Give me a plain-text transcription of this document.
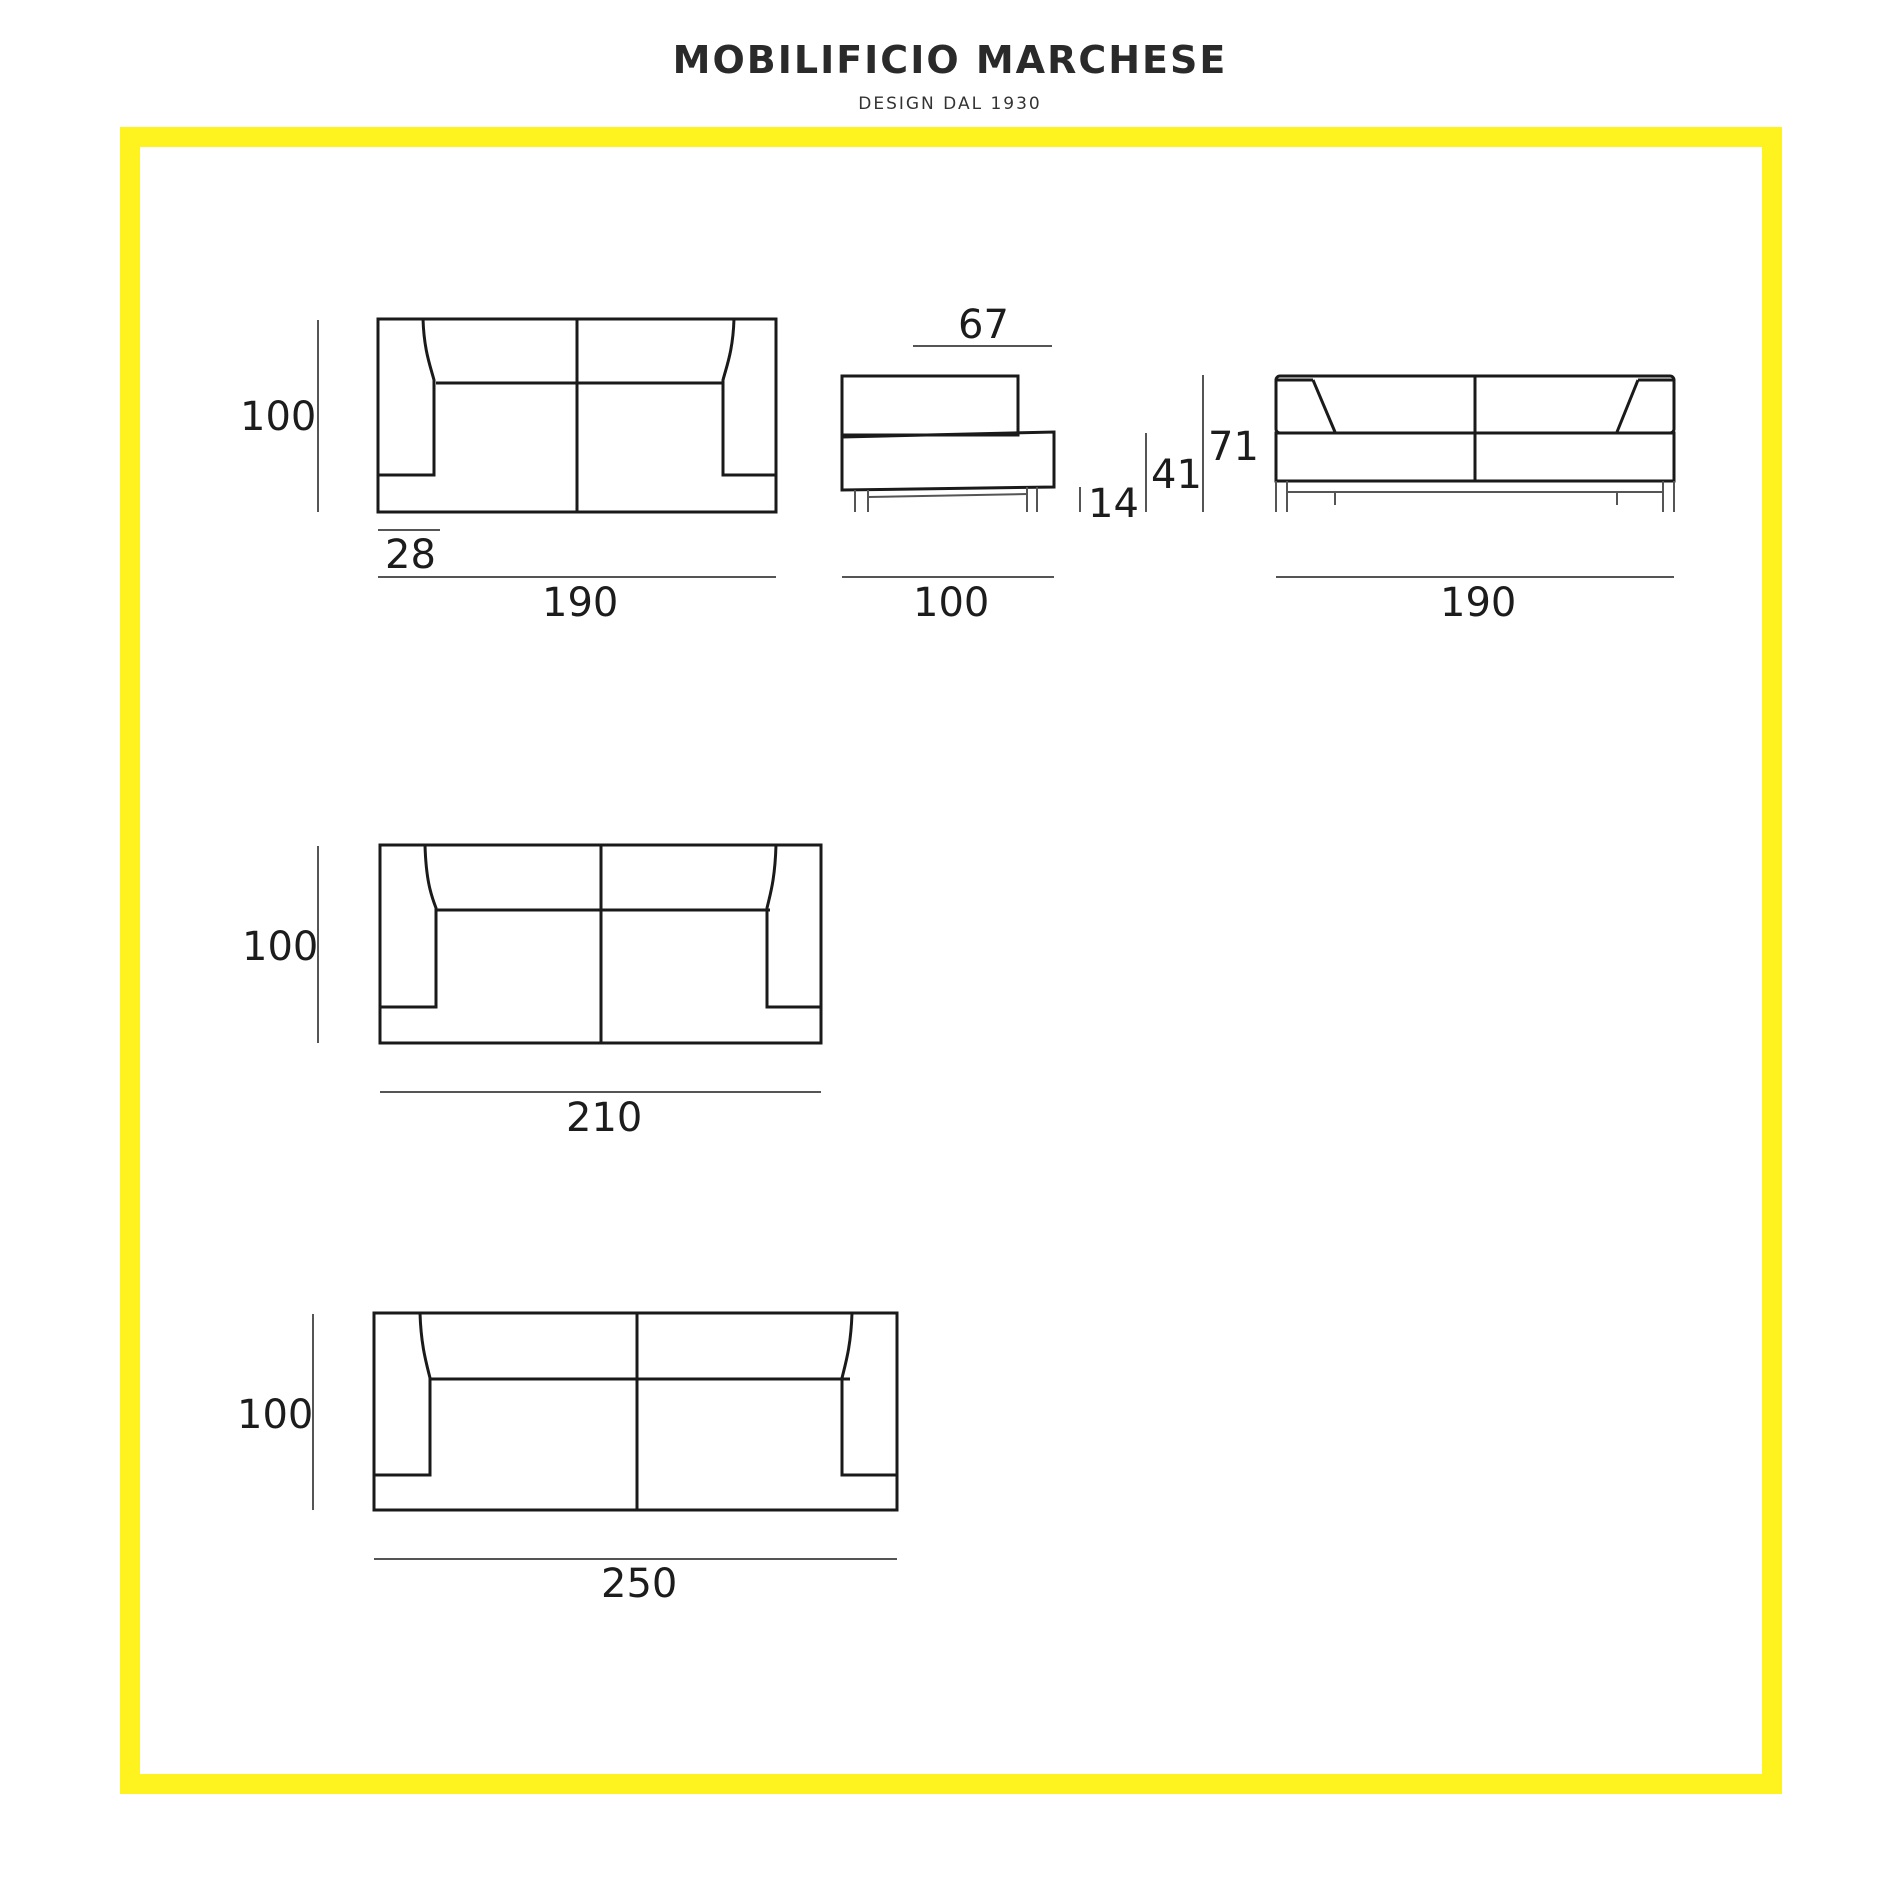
MOBILIFICIO MARCHESE
DESIGN DAL 1930
100
28
190
67
100
14
41
71
190
100
210
100
250
